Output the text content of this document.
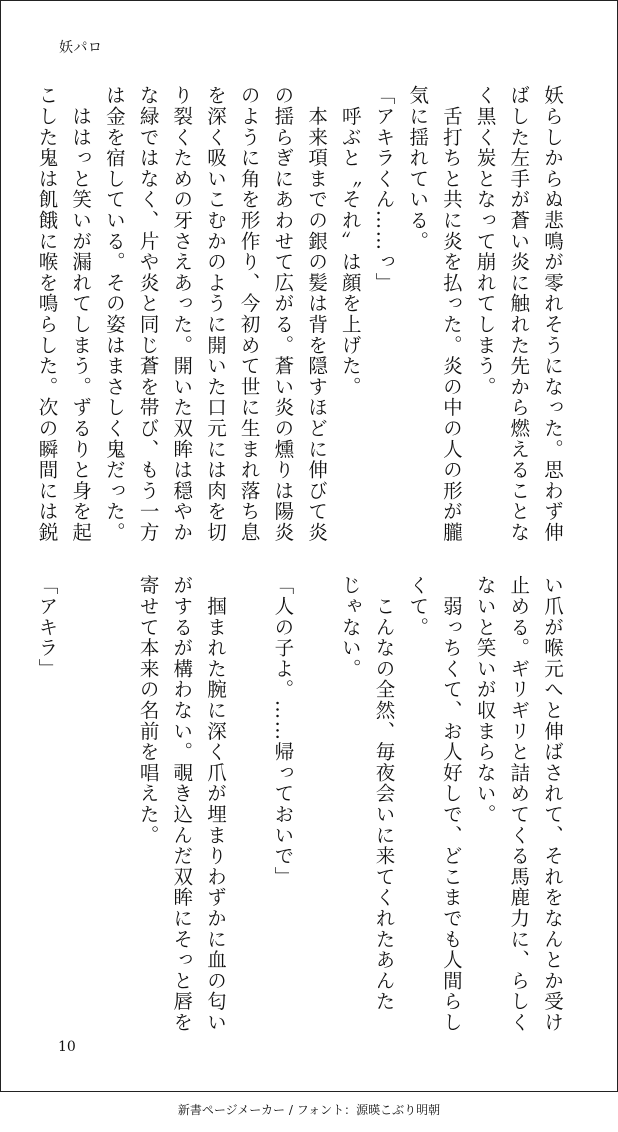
妖パロ
妖らしからぬ悲鳴が零れそうになった。思わず伸
ばした左手が蒼い炎に触れた先から燃えることな
く黒く炭となって崩れてしまう。
　舌打ちと共に炎を払った。炎の中の人の形が朧
気に揺れている。
「アキラくん……っ」
　呼ぶと〝それ〟は顔を上げた。
　本来項までの銀の髪は背を隠すほどに伸びて炎
の揺らぎにあわせて広がる。蒼い炎の燻りは陽炎
のように角を形作り、今初めて世に生まれ落ち息
を深く吸いこむかのように開いた口元には肉を切
り裂くための牙さえあった。開いた双眸は穏やか
な緑ではなく、片や炎と同じ蒼を帯び、もう一方
は金を宿している。その姿はまさしく鬼だった。
　ははっと笑いが漏れてしまう。ずるりと身を起
こした鬼は飢餓に喉を鳴らした。次の瞬間には鋭
い爪が喉元へと伸ばされて、それをなんとか受け
止める。ギリギリと詰めてくる馬鹿力に、らしく
ないと笑いが収まらない。
　弱っちくて、お人好しで、どこまでも人間らし
くて。
　こんなの全然、毎夜会いに来てくれたあんた
じゃない。

「人の子よ。……帰っておいで」

　掴まれた腕に深く爪が埋まりわずかに血の匂い
がするが構わない。覗き込んだ双眸にそっと唇を
寄せて本来の名前を唱えた。

「アキラ」
10
新書ページメーカー / フォント：源暎こぶり明朝
